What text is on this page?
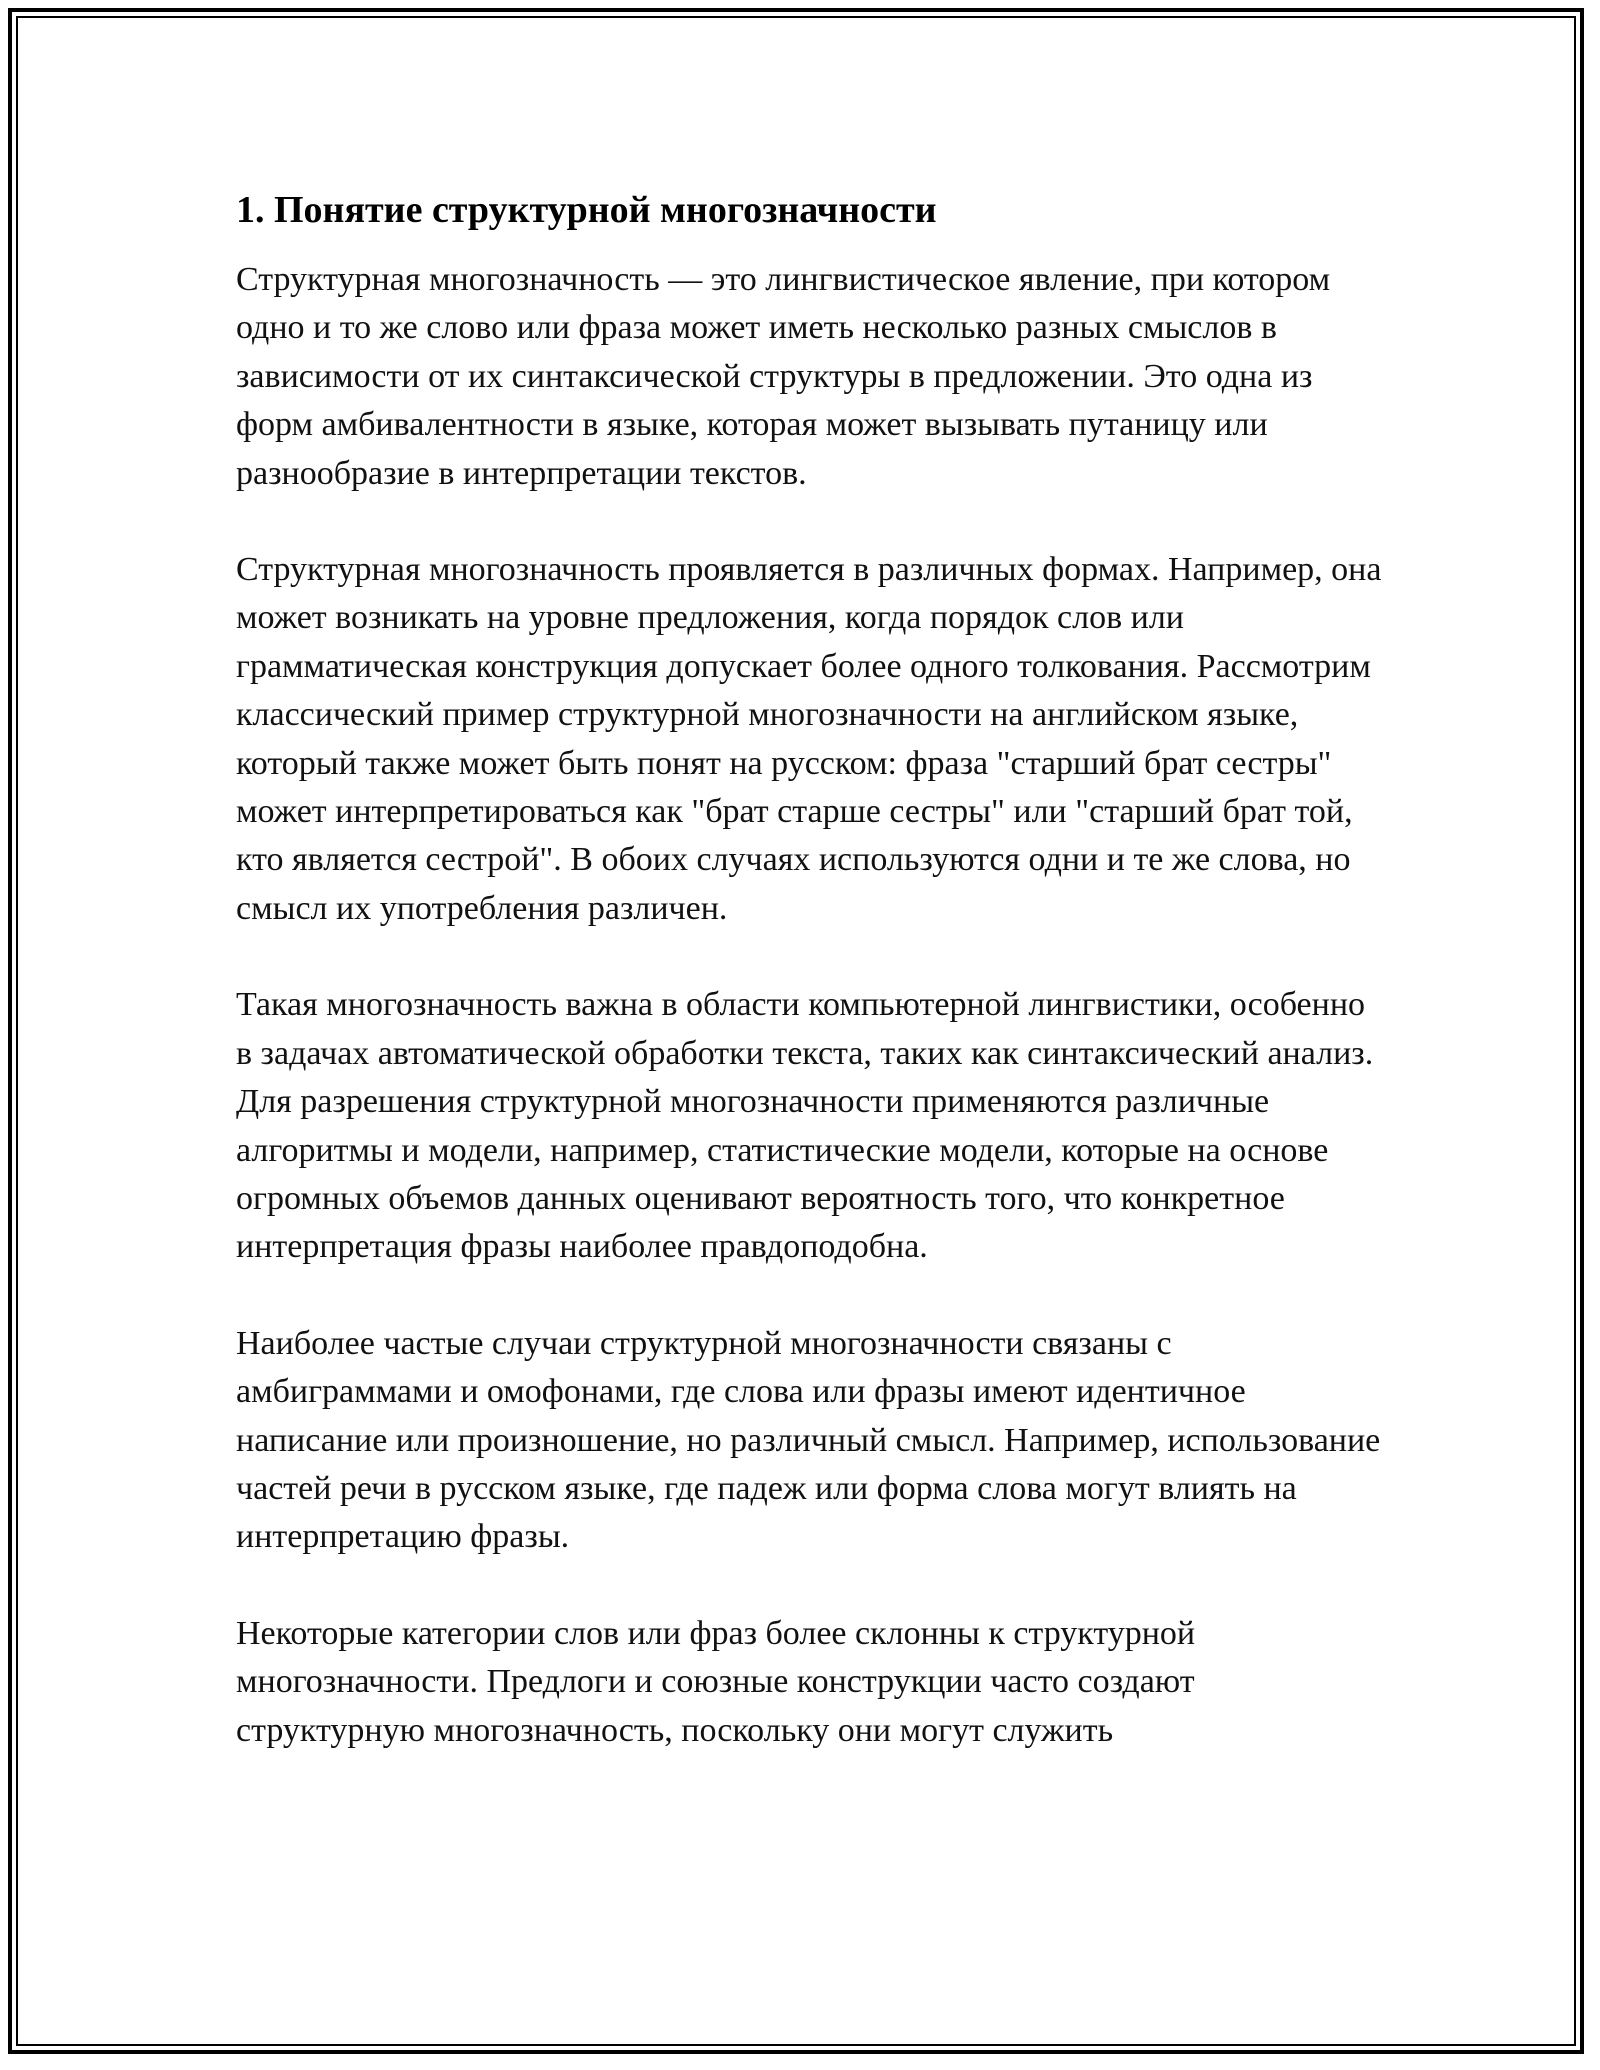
1. Понятие структурной многозначности

Структурная многозначность — это лингвистическое явление, при котором одно и то же слово или фраза может иметь несколько разных смыслов в зависимости от их синтаксической структуры в предложении. Это одна из форм амбивалентности в языке, которая может вызывать путаницу или разнообразие в интерпретации текстов.

Структурная многозначность проявляется в различных формах. Например, она может возникать на уровне предложения, когда порядок слов или грамматическая конструкция допускает более одного толкования. Рассмотрим классический пример структурной многозначности на английском языке, который также может быть понят на русском: фраза "старший брат сестры" может интерпретироваться как "брат старше сестры" или "старший брат той, кто является сестрой". В обоих случаях используются одни и те же слова, но смысл их употребления различен.

Такая многозначность важна в области компьютерной лингвистики, особенно в задачах автоматической обработки текста, таких как синтаксический анализ. Для разрешения структурной многозначности применяются различные алгоритмы и модели, например, статистические модели, которые на основе огромных объемов данных оценивают вероятность того, что конкретное интерпретация фразы наиболее правдоподобна.

Наиболее частые случаи структурной многозначности связаны с амбиграммами и омофонами, где слова или фразы имеют идентичное написание или произношение, но различный смысл. Например, использование частей речи в русском языке, где падеж или форма слова могут влиять на интерпретацию фразы.

Некоторые категории слов или фраз более склонны к структурной многозначности. Предлоги и союзные конструкции часто создают структурную многозначность, поскольку они могут служить
